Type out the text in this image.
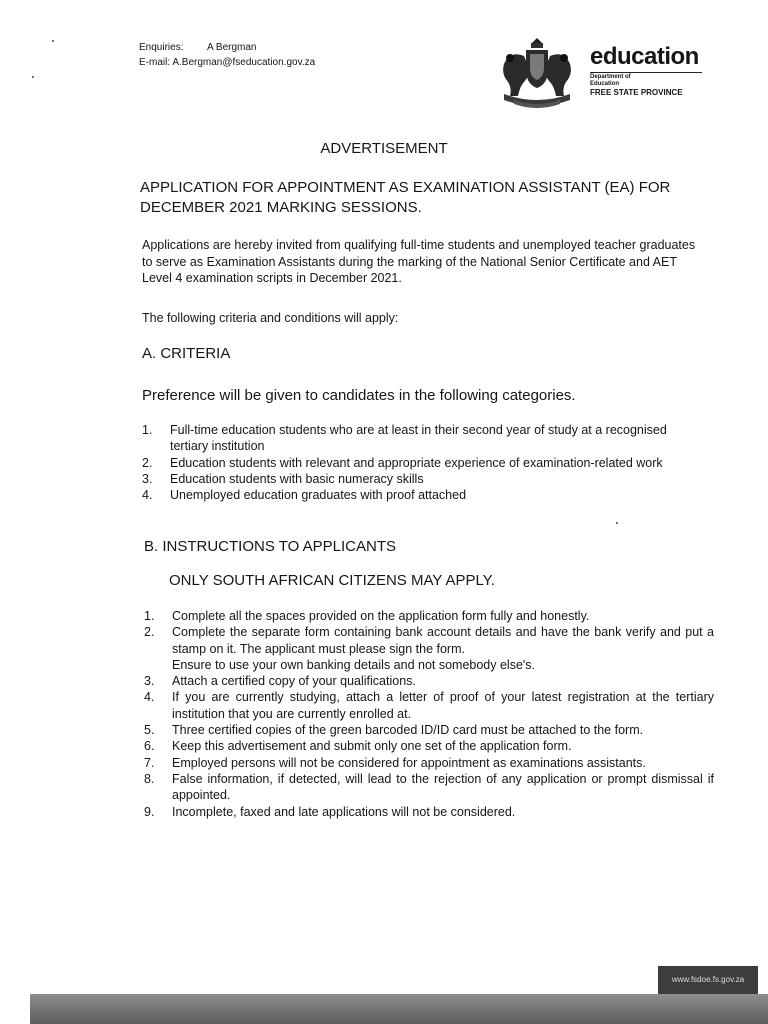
Enquiries: A Bergman
E-mail: A.Bergman@fseducation.gov.za	education
Department of
Education
FREE STATE PROVINCE
ADVERTISEMENT
APPLICATION FOR APPOINTMENT AS EXAMINATION ASSISTANT (EA) FOR DECEMBER 2021 MARKING SESSIONS.
Applications are hereby invited from qualifying full-time students and unemployed teacher graduates to serve as Examination Assistants during the marking of the National Senior Certificate and AET Level 4 examination scripts in December 2021.
The following criteria and conditions will apply:
A. CRITERIA
Preference will be given to candidates in the following categories.
1.	Full-time education students who are at least in their second year of study at a recognised tertiary institution
2.	Education students with relevant and appropriate experience of examination-related work
3.	Education students with basic numeracy skills
4.	Unemployed education graduates with proof attached
B. INSTRUCTIONS TO APPLICANTS
ONLY SOUTH AFRICAN CITIZENS MAY APPLY.
1.	Complete all the spaces provided on the application form fully and honestly.
2.	Complete the separate form containing bank account details and have the bank verify and put a stamp on it. The applicant must please sign the form.
Ensure to use your own banking details and not somebody else's.
3.	Attach a certified copy of your qualifications.
4.	If you are currently studying, attach a letter of proof of your latest registration at the tertiary institution that you are currently enrolled at.
5.	Three certified copies of the green barcoded ID/ID card must be attached to the form.
6.	Keep this advertisement and submit only one set of the application form.
7.	Employed persons will not be considered for appointment as examinations assistants.
8.	False information, if detected, will lead to the rejection of any application or prompt dismissal if appointed.
9.	Incomplete, faxed and late applications will not be considered.
www.fsdoe.fs.gov.za
